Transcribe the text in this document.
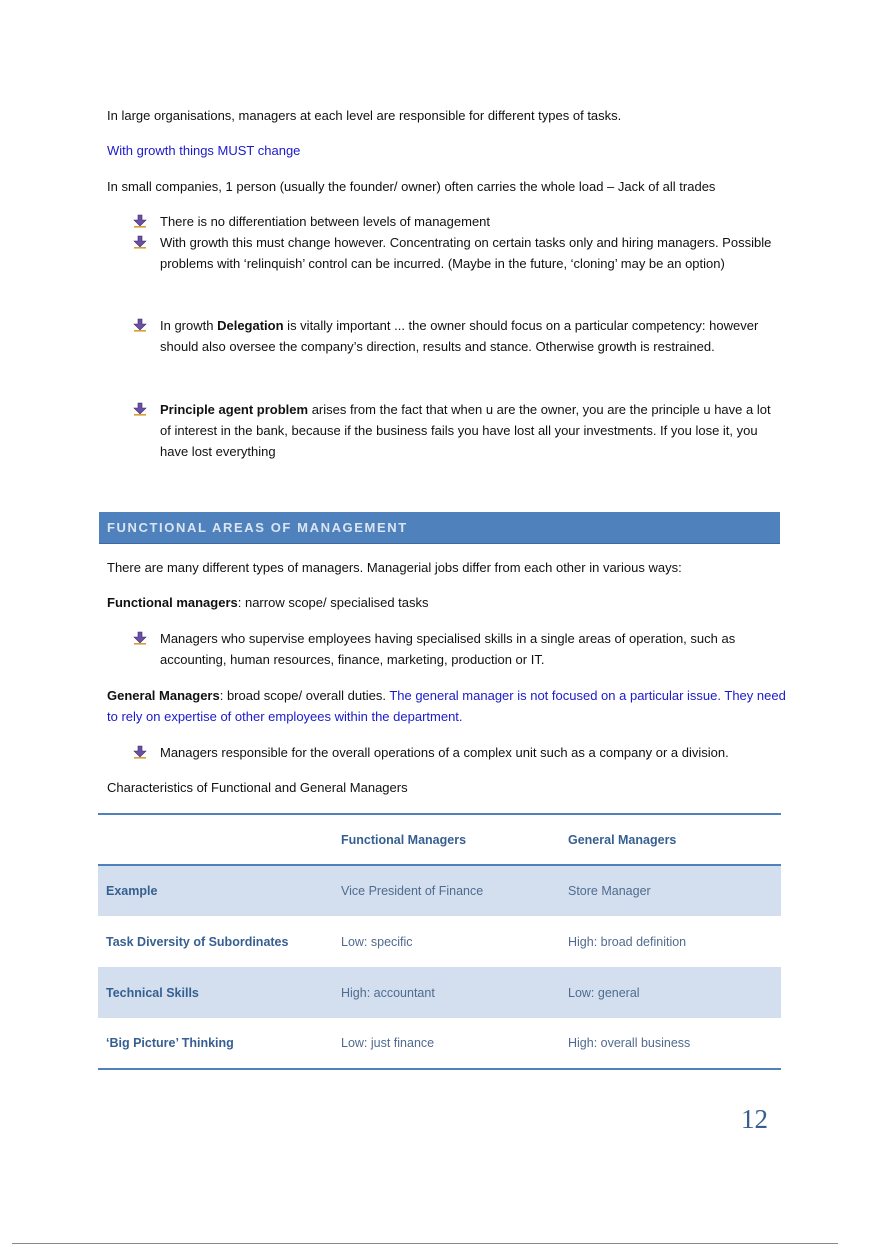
In large organisations, managers at each level are responsible for different types of tasks.

With growth things MUST change

In small companies, 1 person (usually the founder/ owner) often carries the whole load – Jack of all trades

There is no differentiation between levels of management
With growth this must change however. Concentrating on certain tasks only and hiring managers. Possible problems with ‘relinquish’ control can be incurred. (Maybe in the future, ‘cloning’ may be an option)
In growth Delegation is vitally important ... the owner should focus on a particular competency: however should also oversee the company’s direction, results and stance. Otherwise growth is restrained.
Principle agent problem arises from the fact that when u are the owner, you are the principle u have a lot of interest in the bank, because if the business fails you have lost all your investments. If you lose it, you have lost everything
FUNCTIONAL AREAS OF MANAGEMENT

There are many different types of managers. Managerial jobs differ from each other in various ways:

Functional managers: narrow scope/ specialised tasks

Managers who supervise employees having specialised skills in a single areas of operation, such as accounting, human resources, finance, marketing, production or IT.

General Managers: broad scope/ overall duties. The general manager is not focused on a particular issue. They need to rely on expertise of other employees within the department.

Managers responsible for the overall operations of a complex unit such as a company or a division.

Characteristics of Functional and General Managers

	Functional Managers	General Managers
Example	Vice President of Finance	Store Manager
Task Diversity of Subordinates	Low: specific	High: broad definition
Technical Skills	High: accountant	Low: general
‘Big Picture’ Thinking	Low: just finance	High: overall business
12
